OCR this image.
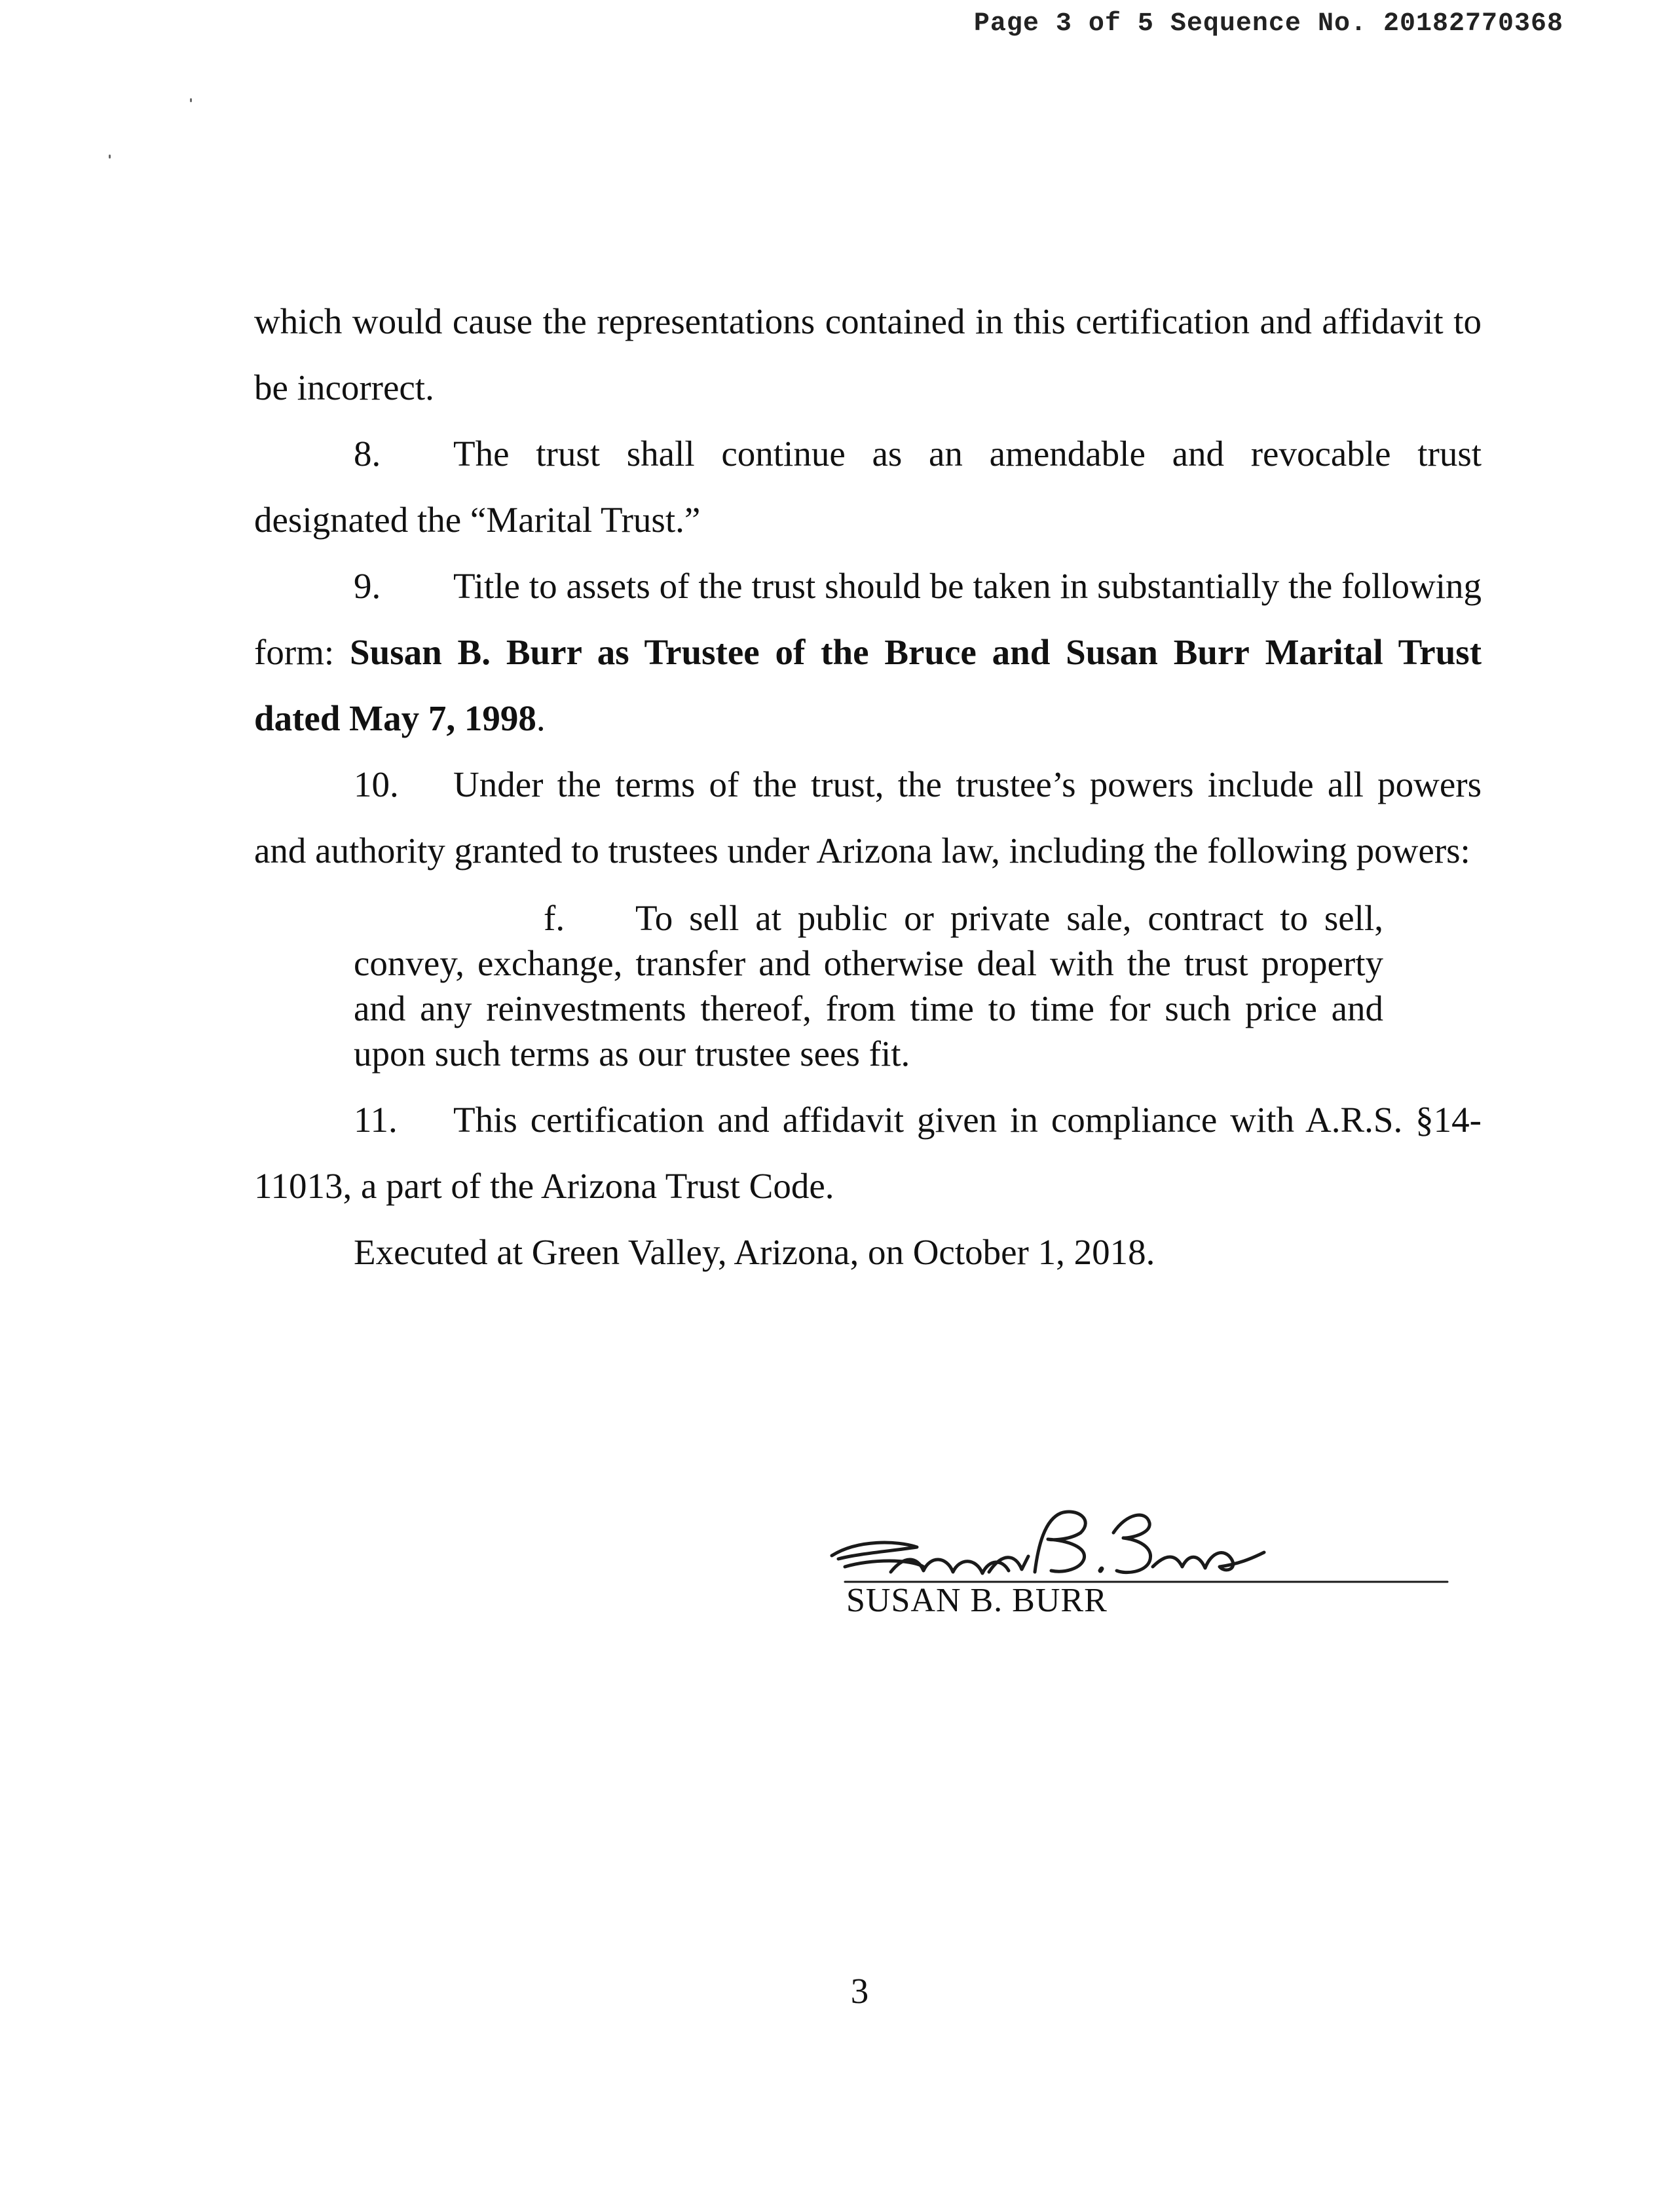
Page 3 of 5 Sequence No. 20182770368

which would cause the representations contained in this certification and affidavit to be incorrect.

8. The trust shall continue as an amendable and revocable trust designated the “Marital Trust.”

9. Title to assets of the trust should be taken in substantially the following form: Susan B. Burr as Trustee of the Bruce and Susan Burr Marital Trust dated May 7, 1998.

10. Under the terms of the trust, the trustee’s powers include all powers and authority granted to trustees under Arizona law, including the following powers:

f. To sell at public or private sale, contract to sell, convey, exchange, transfer and otherwise deal with the trust property and any reinvestments thereof, from time to time for such price and upon such terms as our trustee sees fit.

11. This certification and affidavit given in compliance with A.R.S. §14-11013, a part of the Arizona Trust Code.

Executed at Green Valley, Arizona, on October 1, 2018.

SUSAN B. BURR
3
